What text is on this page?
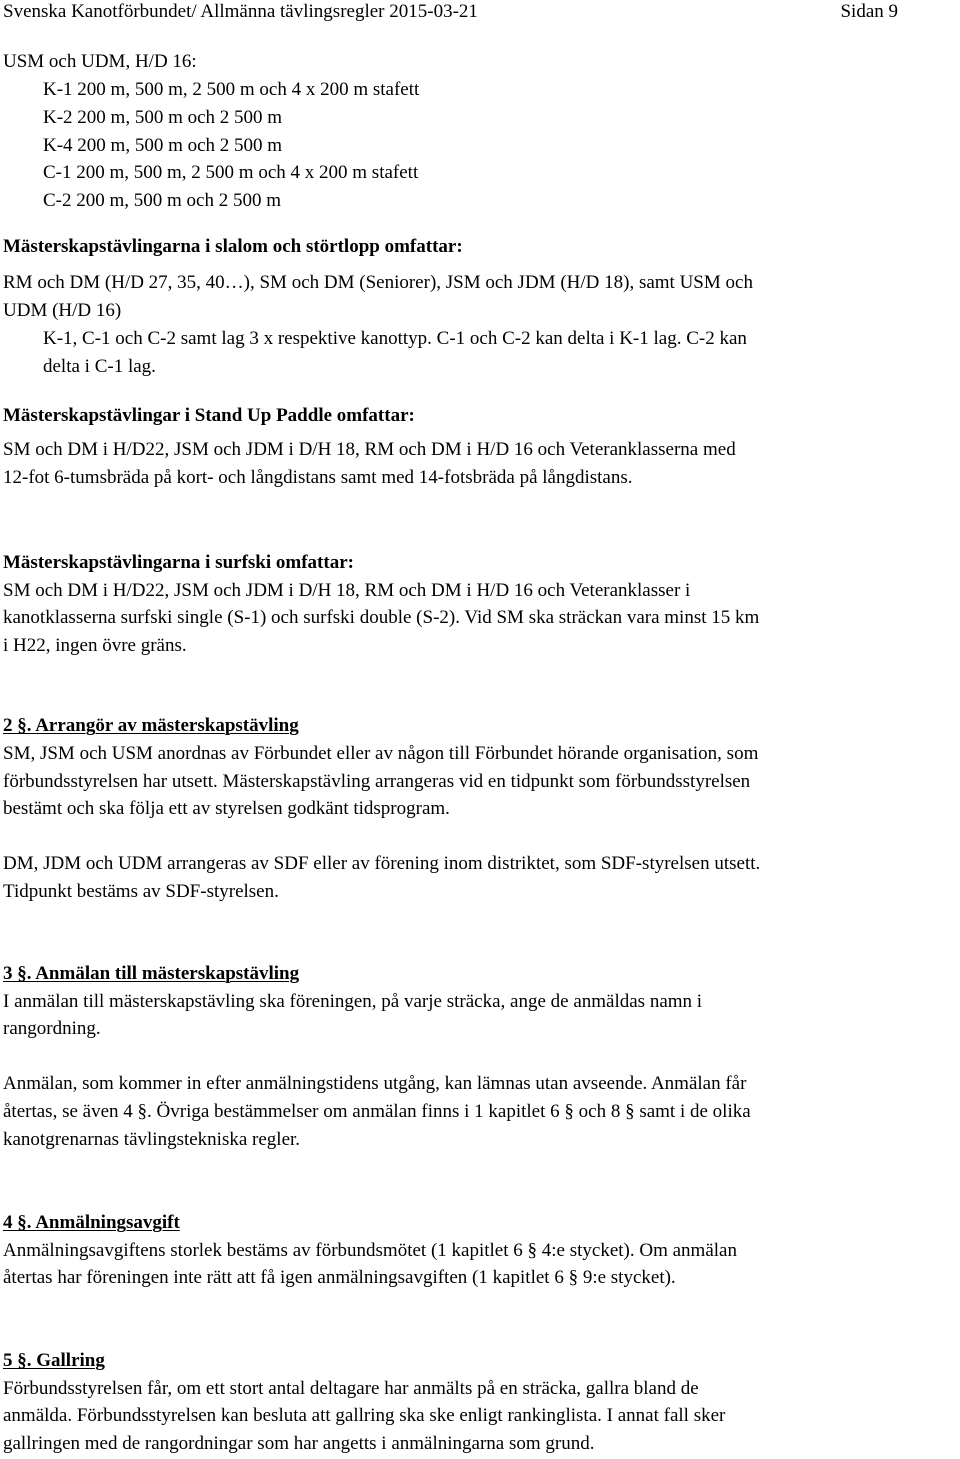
Svenska Kanotförbundet/ Allmänna tävlingsregler 2015-03-21	Sidan 9
USM och UDM, H/D 16:
K-1 200 m, 500 m, 2 500 m och 4 x 200 m stafett
K-2 200 m, 500 m och 2 500 m
K-4 200 m, 500 m och 2 500 m
C-1 200 m, 500 m, 2 500 m och 4 x 200 m stafett
C-2 200 m, 500 m och 2 500 m
Mästerskapstävlingarna i slalom och störtlopp omfattar:
RM och DM (H/D 27, 35, 40…), SM och DM (Seniorer), JSM och JDM (H/D 18), samt USM och
UDM (H/D 16)
K-1, C-1 och C-2 samt lag 3 x respektive kanottyp. C-1 och C-2 kan delta i K-1 lag. C-2 kan
delta i C-1 lag.
Mästerskapstävlingar i Stand Up Paddle omfattar:
SM och DM i H/D22, JSM och JDM i D/H 18, RM och DM i H/D 16 och Veteranklasserna med
12-fot 6-tumsbräda på kort- och långdistans samt med 14-fotsbräda på långdistans.
Mästerskapstävlingarna i surfski omfattar:
SM och DM i H/D22, JSM och JDM i D/H 18, RM och DM i H/D 16 och Veteranklasser i
kanotklasserna surfski single (S-1) och surfski double (S-2). Vid SM ska sträckan vara minst 15 km
i H22, ingen övre gräns.
2 §. Arrangör av mästerskapstävling
SM, JSM och USM anordnas av Förbundet eller av någon till Förbundet hörande organisation, som
förbundsstyrelsen har utsett. Mästerskapstävling arrangeras vid en tidpunkt som förbundsstyrelsen
bestämt och ska följa ett av styrelsen godkänt tidsprogram.
DM, JDM och UDM arrangeras av SDF eller av förening inom distriktet, som SDF-styrelsen utsett.
Tidpunkt bestäms av SDF-styrelsen.
3 §. Anmälan till mästerskapstävling
I anmälan till mästerskapstävling ska föreningen, på varje sträcka, ange de anmäldas namn i
rangordning.
Anmälan, som kommer in efter anmälningstidens utgång, kan lämnas utan avseende. Anmälan får
återtas, se även 4 §. Övriga bestämmelser om anmälan finns i 1 kapitlet 6 § och 8 § samt i de olika
kanotgrenarnas tävlingstekniska regler.
4 §. Anmälningsavgift
Anmälningsavgiftens storlek bestäms av förbundsmötet (1 kapitlet 6 § 4:e stycket). Om anmälan
återtas har föreningen inte rätt att få igen anmälningsavgiften (1 kapitlet 6 § 9:e stycket).
5 §. Gallring
Förbundsstyrelsen får, om ett stort antal deltagare har anmälts på en sträcka, gallra bland de
anmälda. Förbundsstyrelsen kan besluta att gallring ska ske enligt rankinglista. I annat fall sker
gallringen med de rangordningar som har angetts i anmälningarna som grund.
